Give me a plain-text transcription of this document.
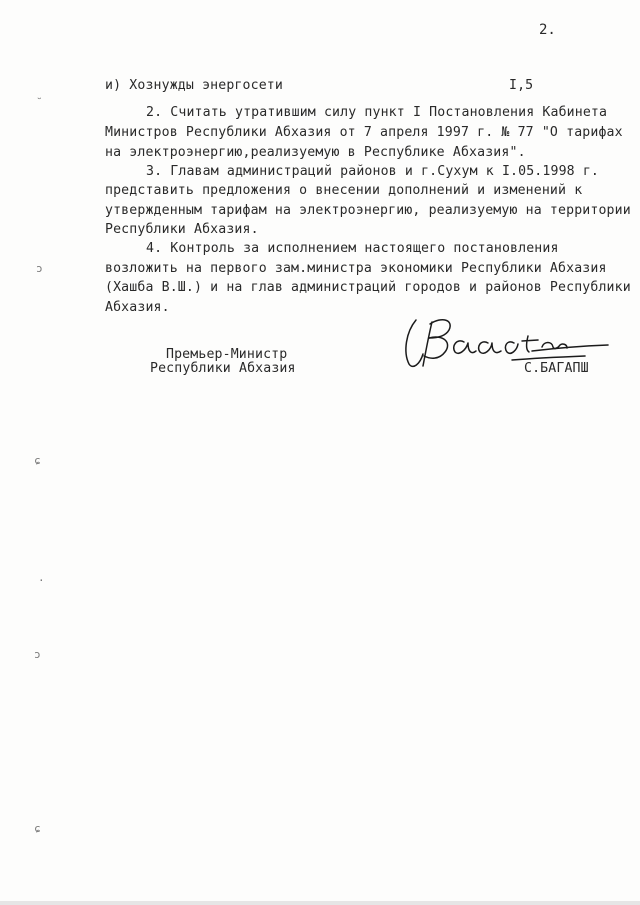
2.
и) Хознужды энергосети	I,5
2. Считать утратившим силу пункт I Постановления Кабинета
Министров Республики Абхазия от 7 апреля 1997 г. № 77 "О тарифах
на электроэнергию,реализуемую в Республике Абхазия".
3. Главам администраций районов и г.Сухум к I.05.1998 г.
представить предложения о внесении дополнений и изменений к
утвержденным тарифам на электроэнергию, реализуемую на территории
Республики Абхазия.
4. Контроль за исполнением настоящего постановления
возложить на первого зам.министра экономики Республики Абхазия
(Хашба В.Ш.) и на глав администраций городов и районов Республики
Абхазия.
Премьер-Министр
Республики Абхазия	С.БАГАПШ
˘
ɔ
ɕ
·
ɔ
ɕ
